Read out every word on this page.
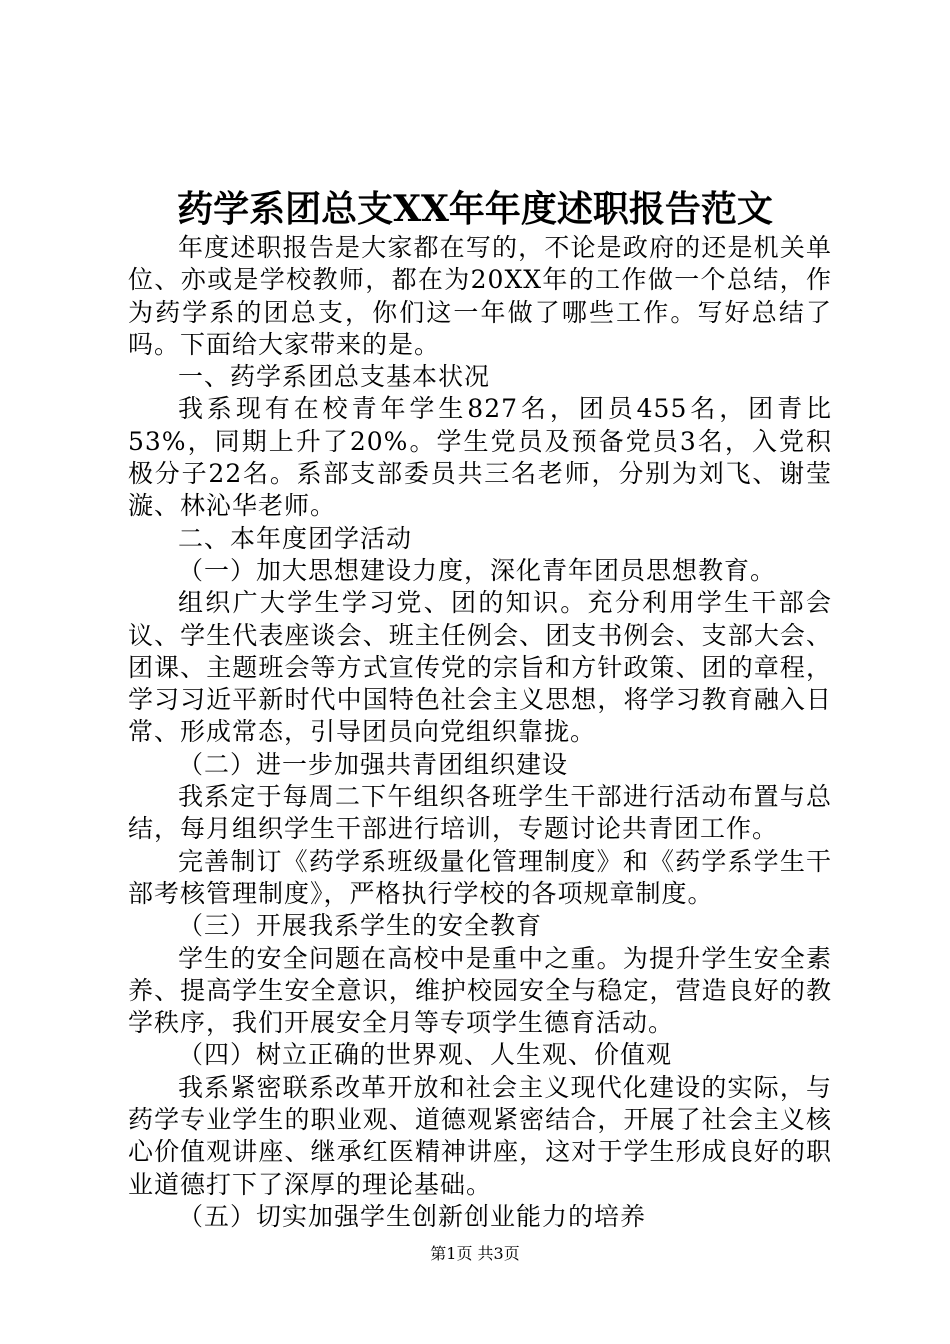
药学系团总支XX年年度述职报告范文

年度述职报告是大家都在写的，不论是政府的还是机关单位、亦或是学校教师，都在为20XX年的工作做一个总结，作为药学系的团总支，你们这一年做了哪些工作。写好总结了吗。下面给大家带来的是。

一、药学系团总支基本状况

我系现有在校青年学生827名，团员455名，团青比53%，同期上升了20%。学生党员及预备党员3名，入党积极分子22名。系部支部委员共三名老师，分别为刘飞、谢莹漩、林沁华老师。

二、本年度团学活动

（一）加大思想建设力度，深化青年团员思想教育。

组织广大学生学习党、团的知识。充分利用学生干部会议、学生代表座谈会、班主任例会、团支书例会、支部大会、团课、主题班会等方式宣传党的宗旨和方针政策、团的章程，学习习近平新时代中国特色社会主义思想，将学习教育融入日常、形成常态，引导团员向党组织靠拢。

（二）进一步加强共青团组织建设

我系定于每周二下午组织各班学生干部进行活动布置与总结，每月组织学生干部进行培训，专题讨论共青团工作。

完善制订《药学系班级量化管理制度》和《药学系学生干部考核管理制度》，严格执行学校的各项规章制度。

（三）开展我系学生的安全教育

学生的安全问题在高校中是重中之重。为提升学生安全素养、提高学生安全意识，维护校园安全与稳定，营造良好的教学秩序，我们开展安全月等专项学生德育活动。

（四）树立正确的世界观、人生观、价值观

我系紧密联系改革开放和社会主义现代化建设的实际，与药学专业学生的职业观、道德观紧密结合，开展了社会主义核心价值观讲座、继承红医精神讲座，这对于学生形成良好的职业道德打下了深厚的理论基础。

（五）切实加强学生创新创业能力的培养

第1页 共3页
